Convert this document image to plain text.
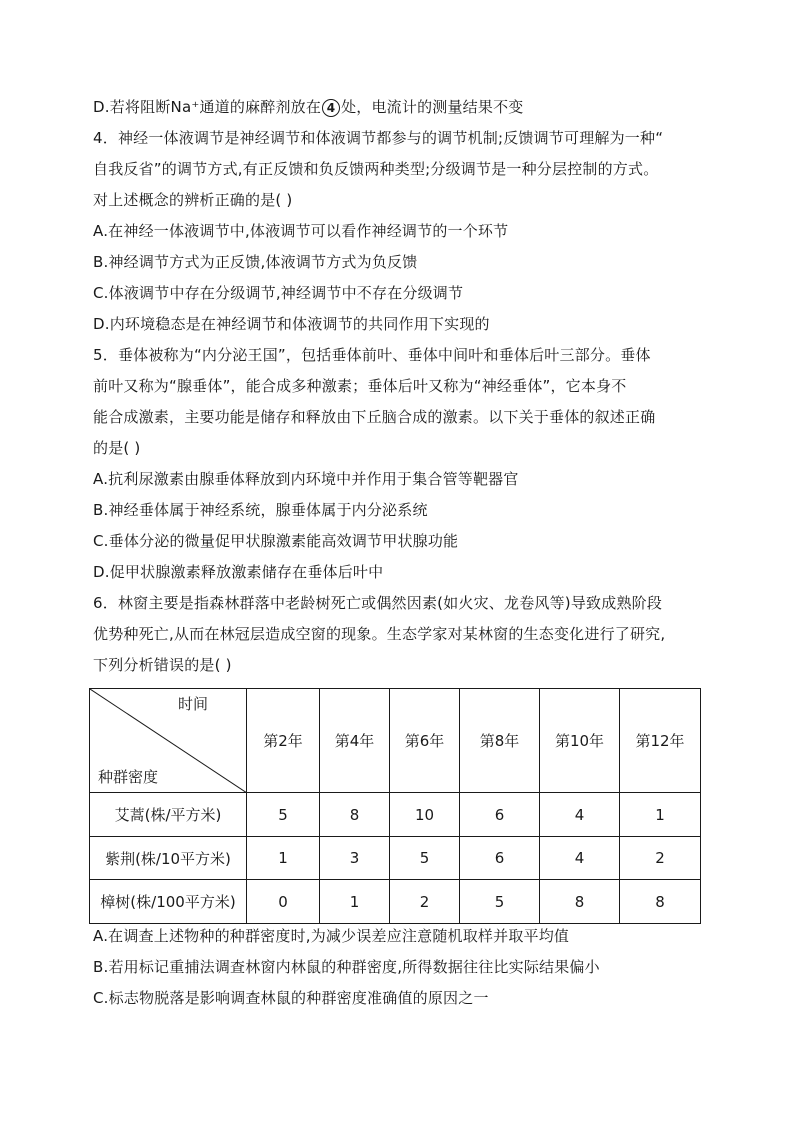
D.若将阻断Na⁺通道的麻醉剂放在 4 处，电流计的测量结果不变
4．神经一体液调节是神经调节和体液调节都参与的调节机制;反馈调节可理解为一种“
自我反省”的调节方式,有正反馈和负反馈两种类型;分级调节是一种分层控制的方式。
对上述概念的辨析正确的是( )
A.在神经一体液调节中,体液调节可以看作神经调节的一个环节
B.神经调节方式为正反馈,体液调节方式为负反馈
C.体液调节中存在分级调节,神经调节中不存在分级调节
D.内环境稳态是在神经调节和体液调节的共同作用下实现的
5．垂体被称为“内分泌王国”，包括垂体前叶、垂体中间叶和垂体后叶三部分。垂体
前叶又称为“腺垂体”，能合成多种激素；垂体后叶又称为“神经垂体”，它本身不
能合成激素，主要功能是储存和释放由下丘脑合成的激素。以下关于垂体的叙述正确
的是( )
A.抗利尿激素由腺垂体释放到内环境中并作用于集合管等靶器官
B.神经垂体属于神经系统，腺垂体属于内分泌系统
C.垂体分泌的微量促甲状腺激素能高效调节甲状腺功能
D.促甲状腺激素释放激素储存在垂体后叶中
6．林窗主要是指森林群落中老龄树死亡或偶然因素(如火灾、龙卷风等)导致成熟阶段
优势种死亡,从而在林冠层造成空窗的现象。生态学家对某林窗的生态变化进行了研究,
下列分析错误的是( )
时间
种群密度	第2年	第4年	第6年	第8年	第10年	第12年
艾蒿(株/平方米)	5	8	10	6	4	1
紫荆(株/10平方米)	1	3	5	6	4	2
樟树(株/100平方米)	0	1	2	5	8	8
A.在调查上述物种的种群密度时,为减少误差应注意随机取样并取平均值
B.若用标记重捕法调查林窗内林鼠的种群密度,所得数据往往比实际结果偏小
C.标志物脱落是影响调查林鼠的种群密度准确值的原因之一
